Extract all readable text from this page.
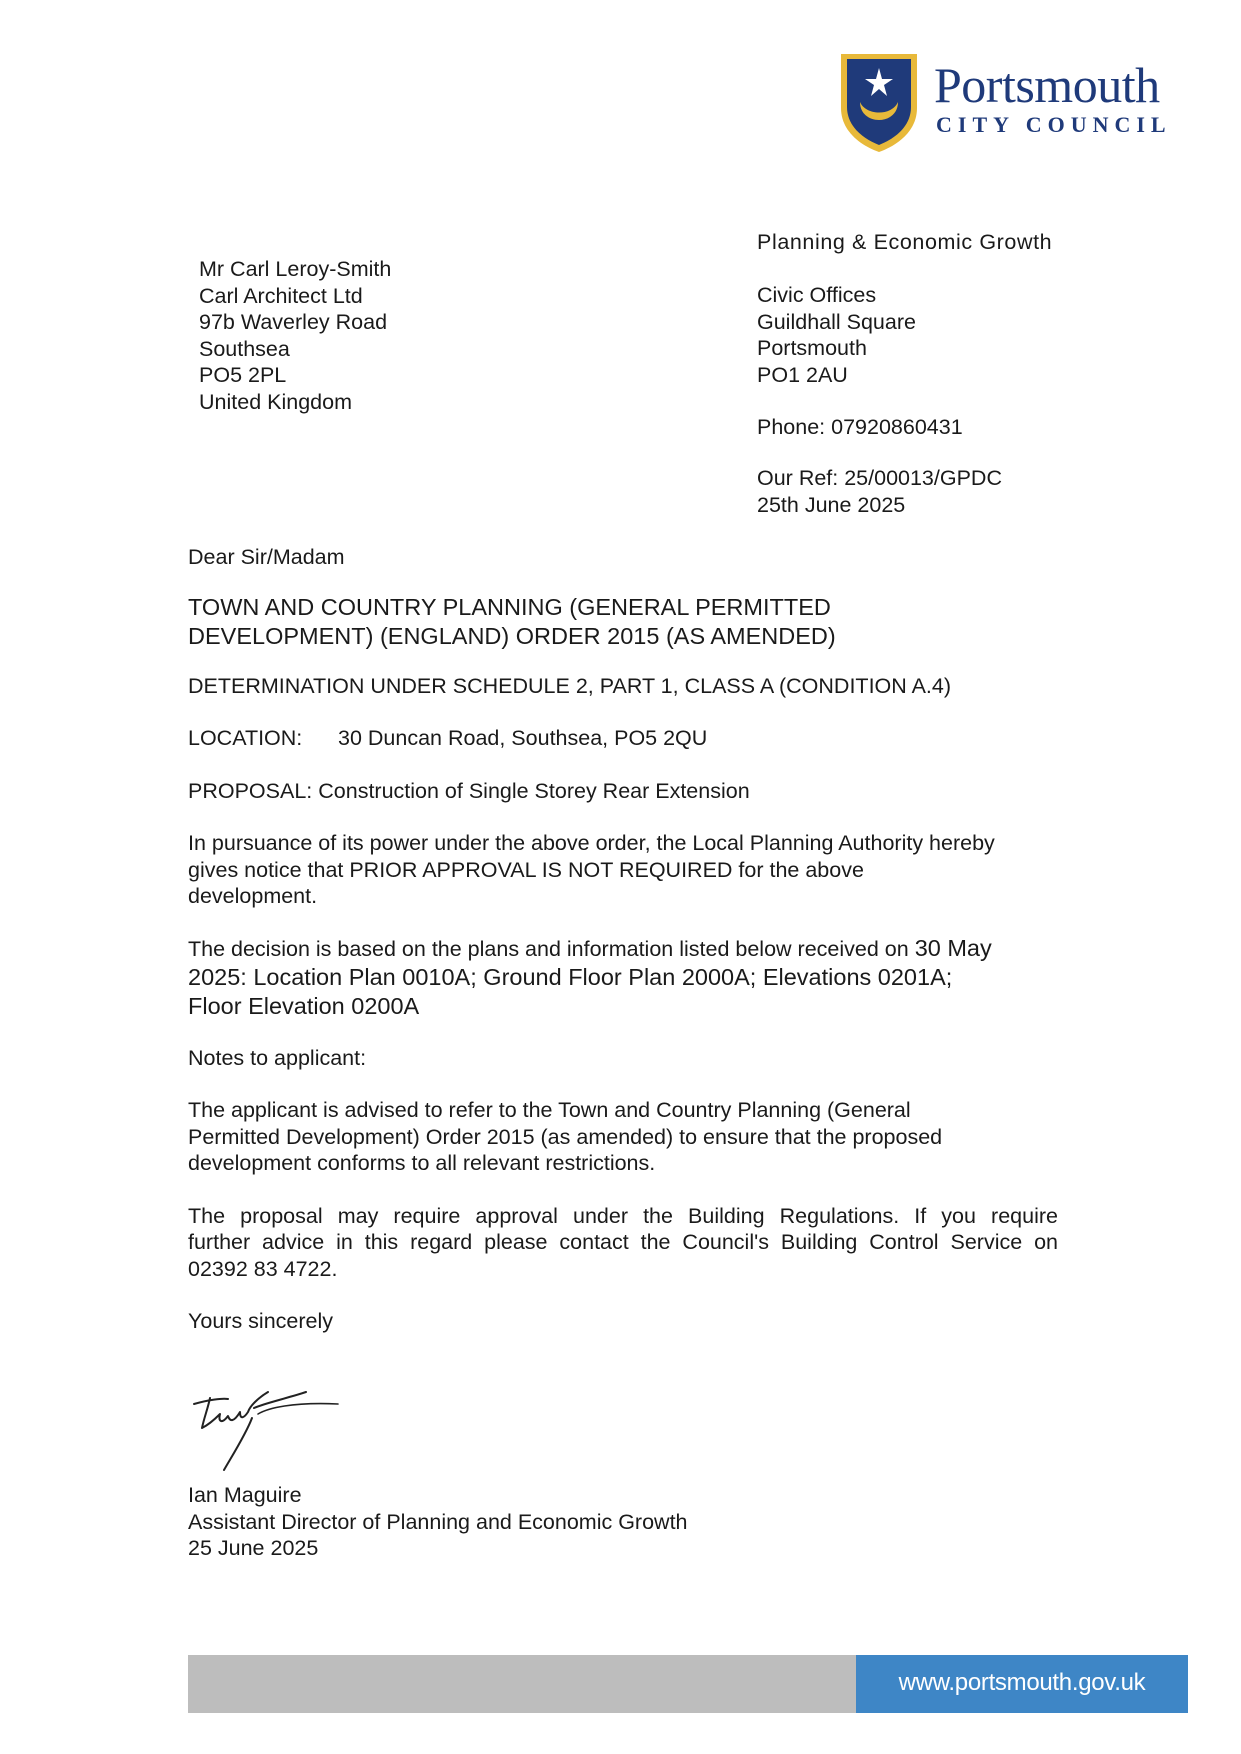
Portsmouth
CITY COUNCIL
Planning & Economic Growth
Mr Carl Leroy-Smith
Carl Architect Ltd
97b Waverley Road
Southsea
PO5 2PL
United Kingdom
Civic Offices
Guildhall Square
Portsmouth
PO1 2AU
Phone: 07920860431
Our Ref: 25/00013/GPDC
25th June 2025

Dear Sir/Madam

TOWN AND COUNTRY PLANNING (GENERAL PERMITTED

DEVELOPMENT) (ENGLAND) ORDER 2015 (AS AMENDED)

DETERMINATION UNDER SCHEDULE 2, PART 1, CLASS A (CONDITION A.4)

LOCATION: 30 Duncan Road, Southsea, PO5 2QU

PROPOSAL: Construction of Single Storey Rear Extension

In pursuance of its power under the above order, the Local Planning Authority hereby

gives notice that PRIOR APPROVAL IS NOT REQUIRED for the above

development.

The decision is based on the plans and information listed below received on 30 May

2025: Location Plan 0010A; Ground Floor Plan 2000A; Elevations 0201A;

Floor Elevation 0200A

Notes to applicant:

The applicant is advised to refer to the Town and Country Planning (General

Permitted Development) Order 2015 (as amended) to ensure that the proposed

development conforms to all relevant restrictions.

The proposal may require approval under the Building Regulations. If you require

further advice in this regard please contact the Council's Building Control Service on

02392 83 4722.

Yours sincerely

Ian Maguire
Assistant Director of Planning and Economic Growth
25 June 2025
www.portsmouth.gov.uk
